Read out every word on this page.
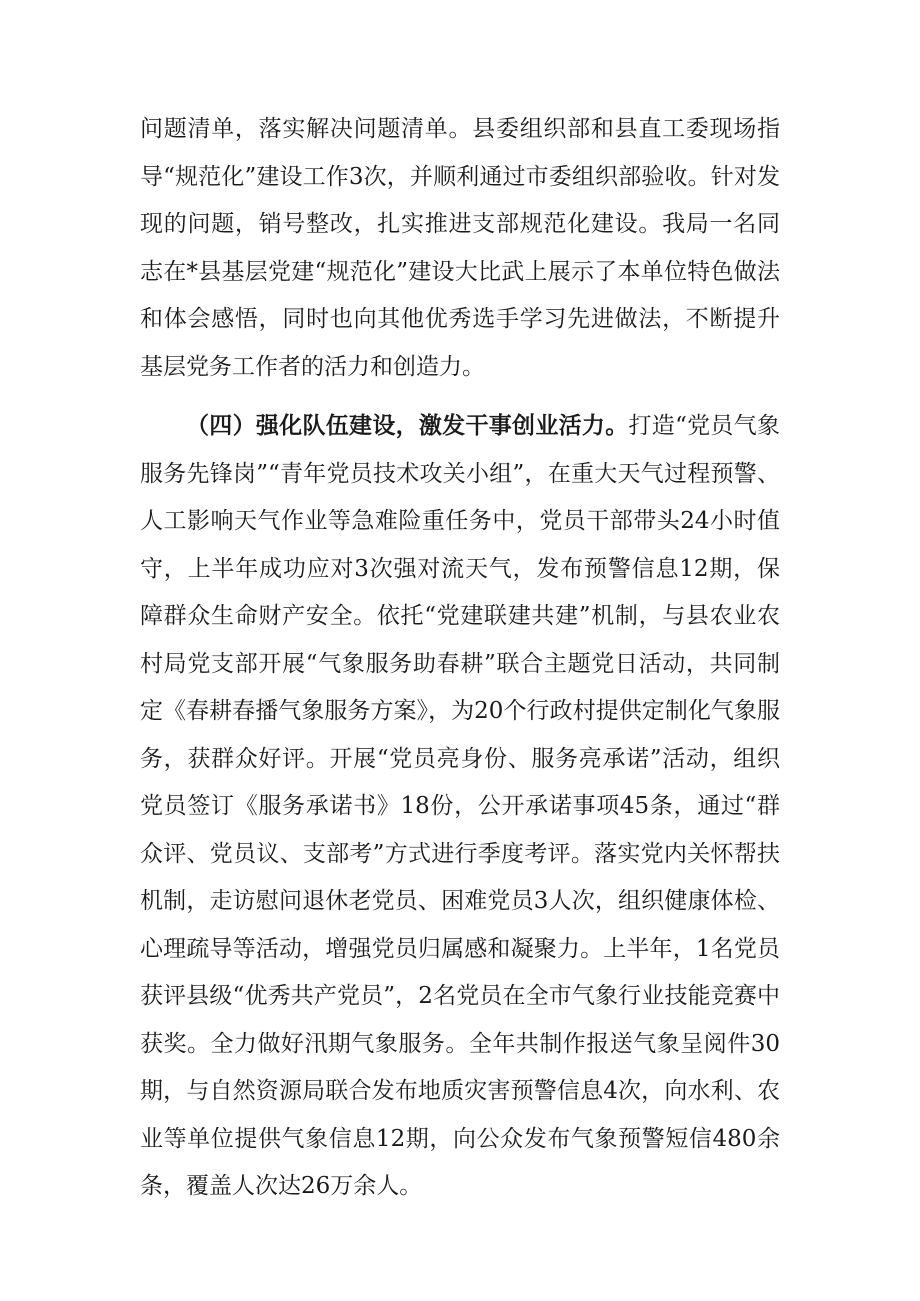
问题清单，落实解决问题清单。县委组织部和县直工委现场指导“规范化”建设工作3次，并顺利通过市委组织部验收。针对发现的问题，销号整改，扎实推进支部规范化建设。我局一名同志在*县基层党建“规范化”建设大比武上展示了本单位特色做法和体会感悟，同时也向其他优秀选手学习先进做法，不断提升基层党务工作者的活力和创造力。

（四）强化队伍建设，激发干事创业活力。打造“党员气象服务先锋岗”“青年党员技术攻关小组”，在重大天气过程预警、人工影响天气作业等急难险重任务中，党员干部带头24小时值守，上半年成功应对3次强对流天气，发布预警信息12期，保障群众生命财产安全。依托“党建联建共建”机制，与县农业农村局党支部开展“气象服务助春耕”联合主题党日活动，共同制定《春耕春播气象服务方案》，为20个行政村提供定制化气象服务，获群众好评。开展“党员亮身份、服务亮承诺”活动，组织党员签订《服务承诺书》18份，公开承诺事项45条，通过“群众评、党员议、支部考”方式进行季度考评。落实党内关怀帮扶机制，走访慰问退休老党员、困难党员3人次，组织健康体检、心理疏导等活动，增强党员归属感和凝聚力。上半年，1名党员获评县级“优秀共产党员”，2名党员在全市气象行业技能竞赛中获奖。全力做好汛期气象服务。全年共制作报送气象呈阅件30期，与自然资源局联合发布地质灾害预警信息4次，向水利、农业等单位提供气象信息12期，向公众发布气象预警短信480余条，覆盖人次达26万余人。
